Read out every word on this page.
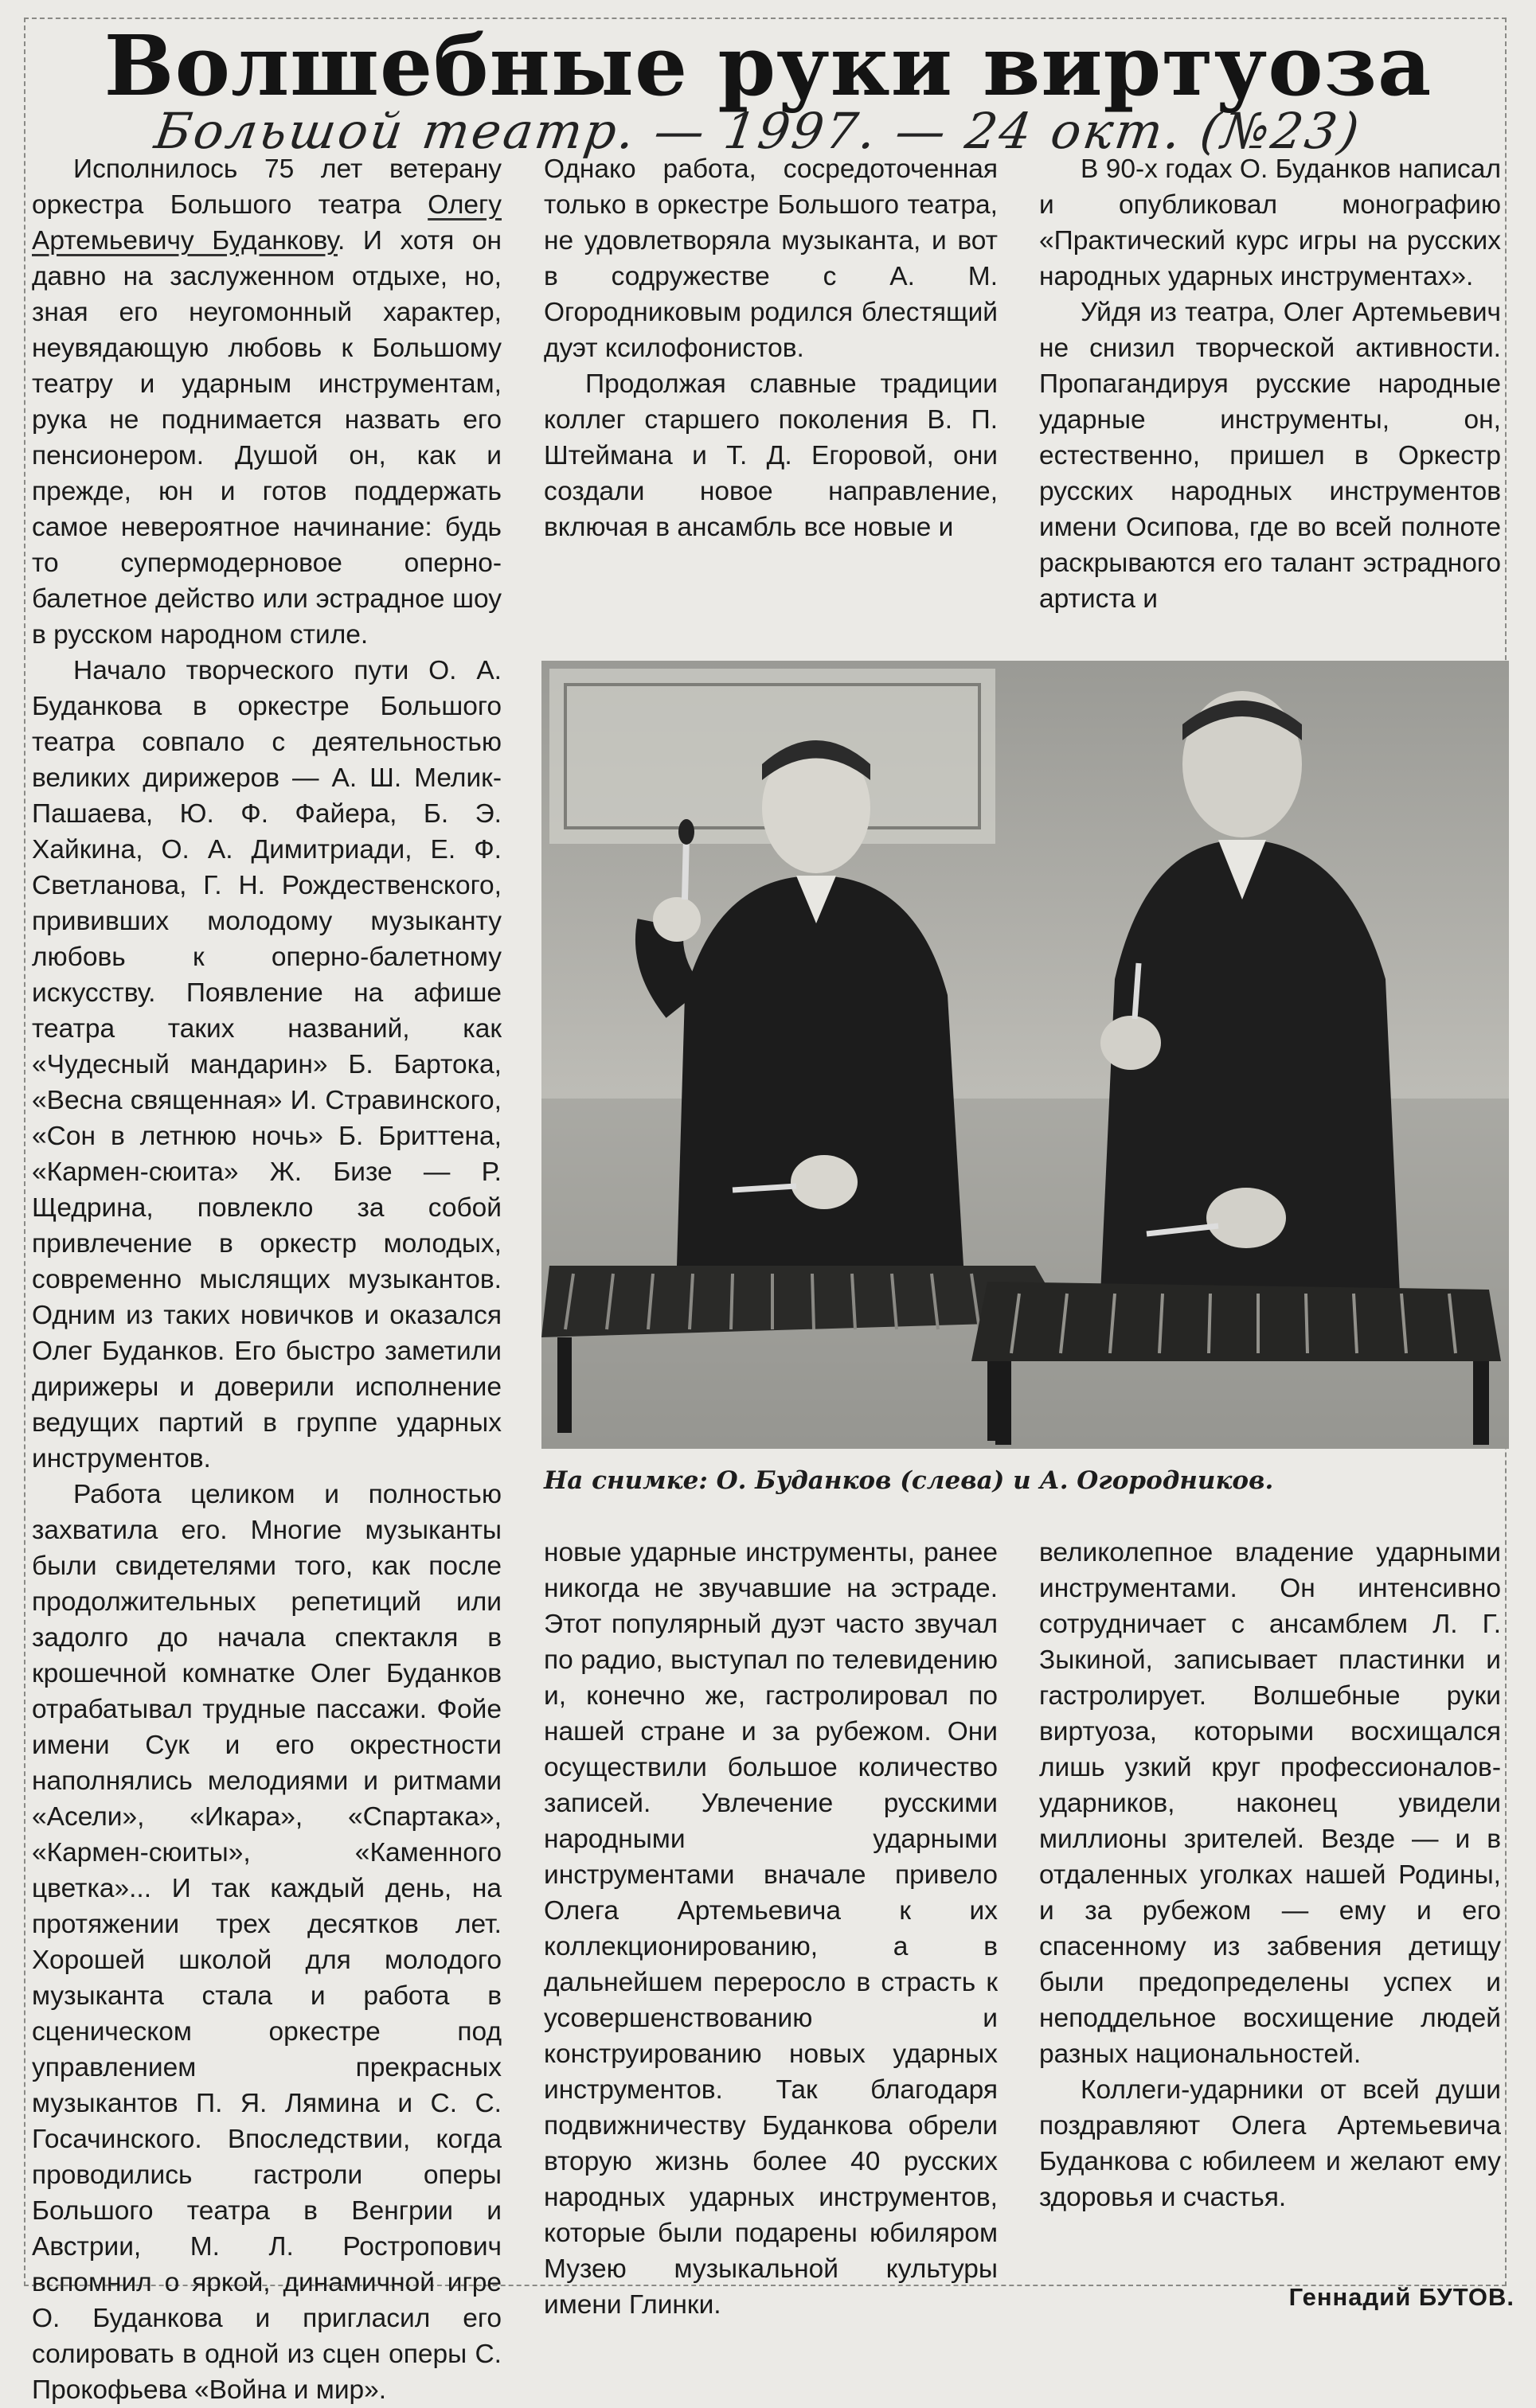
Волшебные руки виртуоза
Большой театр. — 1997. — 24 окт. (№23)

Исполнилось 75 лет ветерану оркестра Большого театра Олегу Артемьевичу Буданкову. И хотя он давно на заслуженном отдыхе, но, зная его неугомонный характер, неувядающую любовь к Большому театру и ударным инструментам, рука не поднимается назвать его пенсионером. Душой он, как и прежде, юн и готов поддержать самое невероятное начинание: будь то супермодерновое оперно-балетное действо или эстрадное шоу в русском народном стиле.

Начало творческого пути О. А. Буданкова в оркестре Большого театра совпало с деятельностью великих дирижеров — А. Ш. Мелик-Пашаева, Ю. Ф. Файера, Б. Э. Хайкина, О. А. Димитриади, Е. Ф. Светланова, Г. Н. Рождественского, прививших молодому музыканту любовь к оперно-балетному искусству. Появление на афише театра таких названий, как «Чудесный мандарин» Б. Бартока, «Весна священная» И. Стравинского, «Сон в летнюю ночь» Б. Бриттена, «Кармен-сюита» Ж. Бизе — Р. Щедрина, повлекло за собой привлечение в оркестр молодых, современно мыслящих музыкантов. Одним из таких новичков и оказался Олег Буданков. Его быстро заметили дирижеры и доверили исполнение ведущих партий в группе ударных инструментов.

Работа целиком и полностью захватила его. Многие музыканты были свидетелями того, как после продолжительных репетиций или задолго до начала спектакля в крошечной комнатке Олег Буданков отрабатывал трудные пассажи. Фойе имени Сук и его окрестности наполнялись мелодиями и ритмами «Асели», «Икара», «Спартака», «Кармен-сюиты», «Каменного цветка»... И так каждый день, на протяжении трех десятков лет. Хорошей школой для молодого музыканта стала и работа в сценическом оркестре под управлением прекрасных музыкантов П. Я. Лямина и С. С. Госачинского. Впоследствии, когда проводились гастроли оперы Большого театра в Венгрии и Австрии, М. Л. Ростропович вспомнил о яркой, динамичной игре О. Буданкова и пригласил его солировать в одной из сцен оперы С. Прокофьева «Война и мир».

Однако работа, сосредоточенная только в оркестре Большого театра, не удовлетворяла музыканта, и вот в содружестве с А. М. Огородниковым родился блестящий дуэт ксилофонистов.

Продолжая славные традиции коллег старшего поколения В. П. Штеймана и Т. Д. Егоровой, они создали новое направление, включая в ансамбль все новые и

В 90-х годах О. Буданков написал и опубликовал монографию «Практический курс игры на русских народных ударных инструментах».

Уйдя из театра, Олег Артемьевич не снизил творческой активности. Пропагандируя русские народные ударные инструменты, он, естественно, пришел в Оркестр русских народных инструментов имени Осипова, где во всей полноте раскрываются его талант эстрадного артиста и

На снимке: О. Буданков (слева) и А. Огородников.

новые ударные инструменты, ранее никогда не звучавшие на эстраде. Этот популярный дуэт часто звучал по радио, выступал по телевидению и, конечно же, гастролировал по нашей стране и за рубежом. Они осуществили большое количество записей. Увлечение русскими народными ударными инструментами вначале привело Олега Артемьевича к их коллекционированию, а в дальнейшем переросло в страсть к усовершенствованию и конструированию новых ударных инструментов. Так благодаря подвижничеству Буданкова обрели вторую жизнь более 40 русских народных ударных инструментов, которые были подарены юбиляром Музею музыкальной культуры имени Глинки.

великолепное владение ударными инструментами. Он интенсивно сотрудничает с ансамблем Л. Г. Зыкиной, записывает пластинки и гастролирует. Волшебные руки виртуоза, которыми восхищался лишь узкий круг профессионалов-ударников, наконец увидели миллионы зрителей. Везде — и в отдаленных уголках нашей Родины, и за рубежом — ему и его спасенному из забвения детищу были предопределены успех и неподдельное восхищение людей разных национальностей.

Коллеги-ударники от всей души поздравляют Олега Артемьевича Буданкова с юбилеем и желают ему здоровья и счастья.

Геннадий БУТОВ.
